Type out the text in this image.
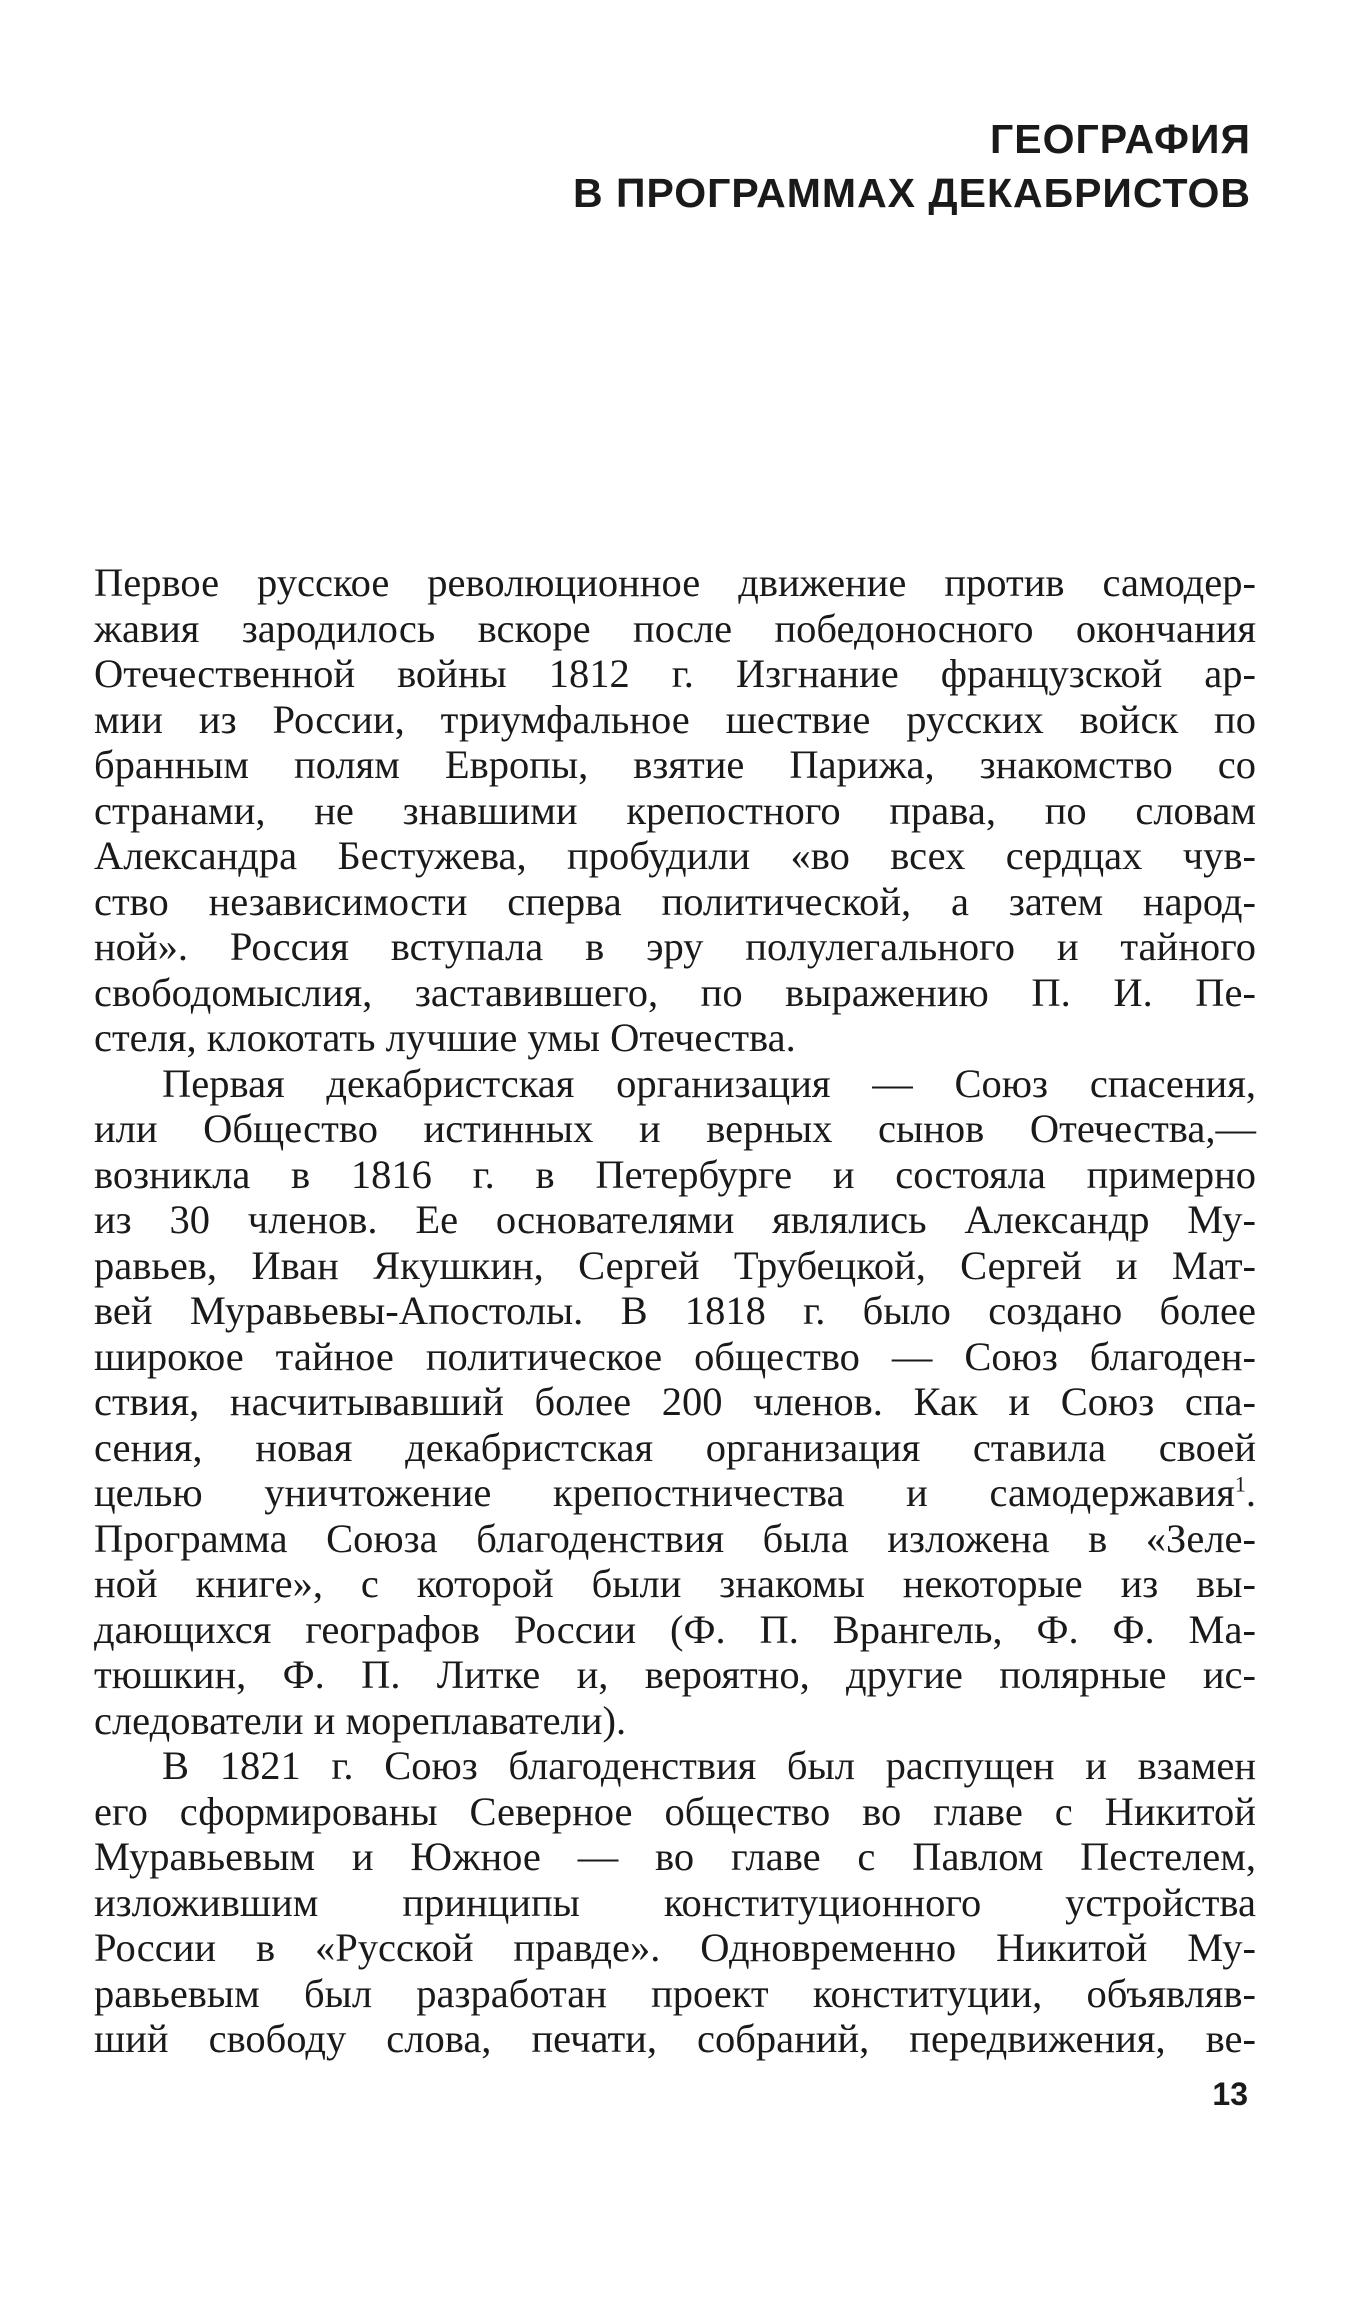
ГЕОГРАФИЯ
В ПРОГРАММАХ ДЕКАБРИСТОВ

Первое русское революционное движение против самодер-
жавия зародилось вскоре после победоносного окончания
Отечественной войны 1812 г. Изгнание французской ар-
мии из России, триумфальное шествие русских войск по
бранным полям Европы, взятие Парижа, знакомство со
странами, не знавшими крепостного права, по словам
Александра Бестужева, пробудили «во всех сердцах чув-
ство независимости сперва политической, а затем народ-
ной». Россия вступала в эру полулегального и тайного
свободомыслия, заставившего, по выражению П. И. Пе-
стеля, клокотать лучшие умы Отечества.

Первая декабристская организация — Союз спасения,
или Общество истинных и верных сынов Отечества,—
возникла в 1816 г. в Петербурге и состояла примерно
из 30 членов. Ее основателями являлись Александр Му-
равьев, Иван Якушкин, Сергей Трубецкой, Сергей и Мат-
вей Муравьевы-Апостолы. В 1818 г. было создано более
широкое тайное политическое общество — Союз благоден-
ствия, насчитывавший более 200 членов. Как и Союз спа-
сения, новая декабристская организация ставила своей
целью уничтожение крепостничества и самодержавия$^1$.
Программа Союза благоденствия была изложена в «Зеле-
ной книге», с которой были знакомы некоторые из вы-
дающихся географов России (Ф. П. Врангель, Ф. Ф. Ма-
тюшкин, Ф. П. Литке и, вероятно, другие полярные ис-
следователи и мореплаватели).

В 1821 г. Союз благоденствия был распущен и взамен
его сформированы Северное общество во главе с Никитой
Муравьевым и Южное — во главе с Павлом Пестелем,
изложившим принципы конституционного устройства
России в «Русской правде». Одновременно Никитой Му-
равьевым был разработан проект конституции, объявляв-
ший свободу слова, печати, собраний, передвижения, ве-

13
